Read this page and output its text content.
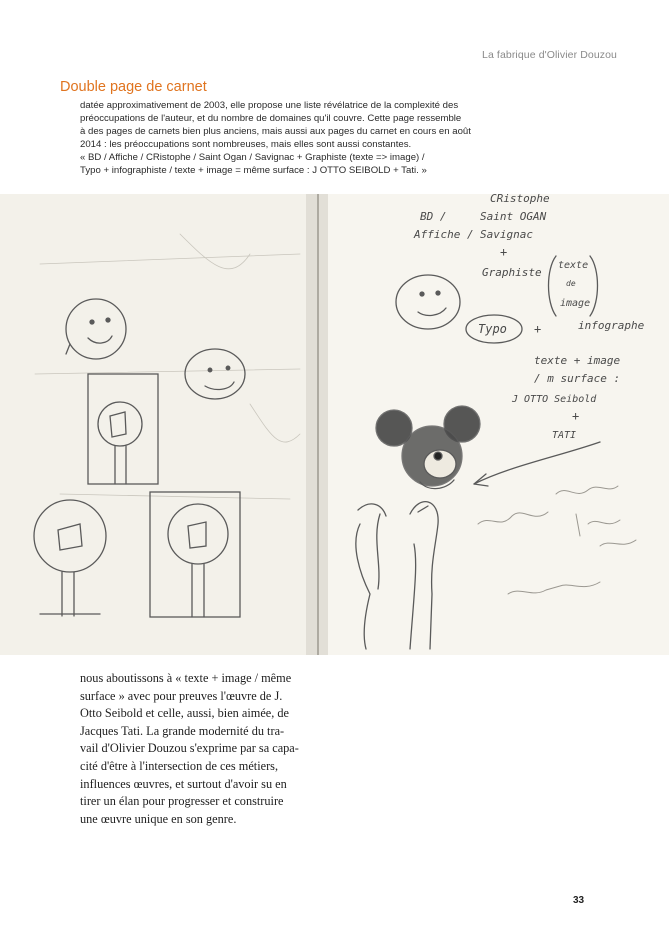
La fabrique d'Olivier Douzou
Double page de carnet

datée approximativement de 2003, elle propose une liste révélatrice de la complexité des

préoccupations de l'auteur, et du nombre de domaines qu'il couvre. Cette page ressemble

à des pages de carnets bien plus anciens, mais aussi aux pages du carnet en cours en août

2014 : les préoccupations sont nombreuses, mais elles sont aussi constantes.

« BD / Affiche / CRistophe / Saint Ogan / Savignac + Graphiste (texte => image) /

Typo + infographiste / texte + image = même surface : J OTTO SEIBOLD + Tati. »

CRistophe
Saint OGAN
Savignac
BD /
Affiche /
+
Graphiste
texte
de
image
Typo +	infographe
texte + image
/ m surface :
J OTTO Seibold
+
TATI

nous aboutissons à « texte + image / même

surface » avec pour preuves l'œuvre de J.

Otto Seibold et celle, aussi, bien aimée, de

Jacques Tati. La grande modernité du tra-

vail d'Olivier Douzou s'exprime par sa capa-

cité d'être à l'intersection de ces métiers,

influences œuvres, et surtout d'avoir su en

tirer un élan pour progresser et construire

une œuvre unique en son genre.

33
